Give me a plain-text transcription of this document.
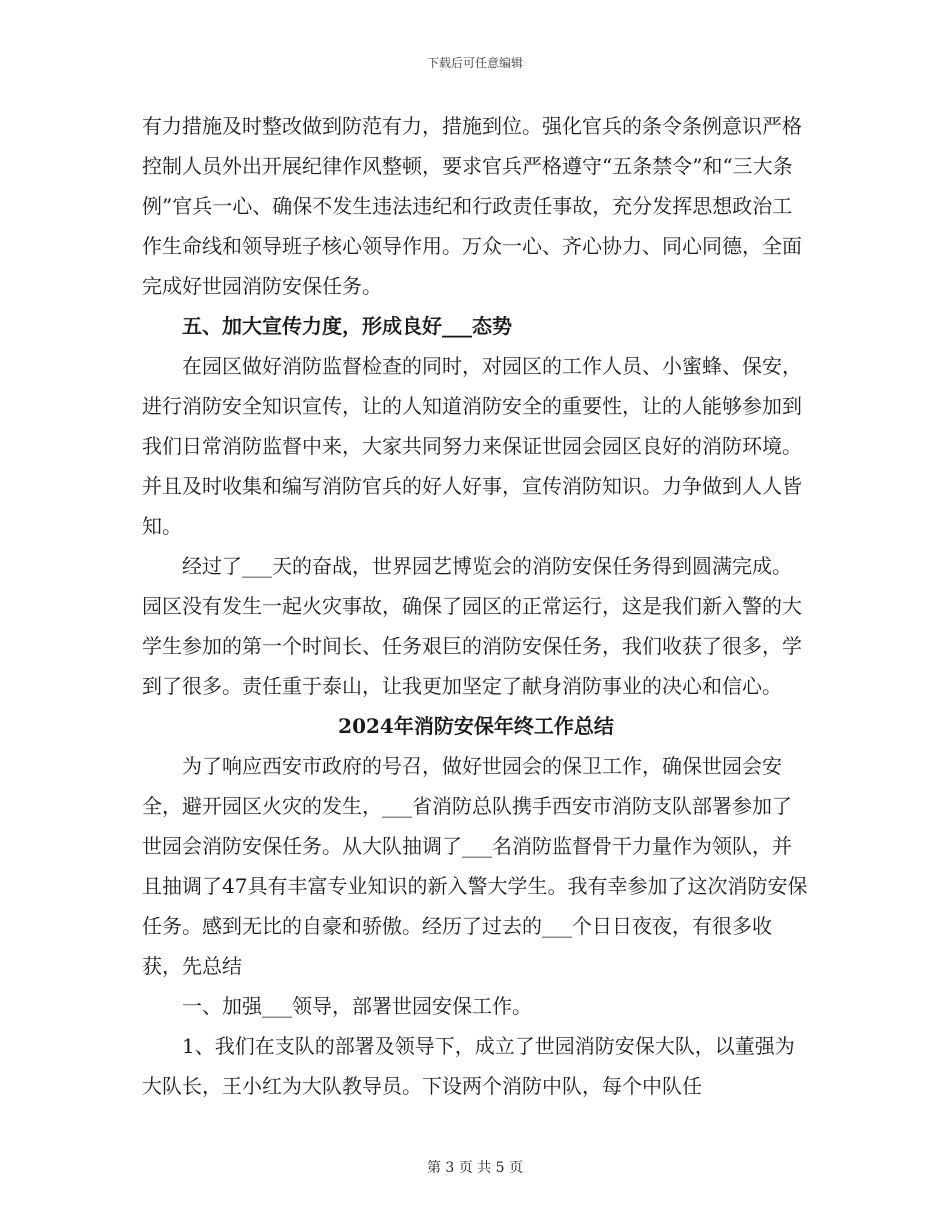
下载后可任意编辑

有力措施及时整改做到防范有力，措施到位。强化官兵的条令条例意识严格控制人员外出开展纪律作风整顿，要求官兵严格遵守“五条禁令”和“三大条例”官兵一心、确保不发生违法违纪和行政责任事故，充分发挥思想政治工作生命线和领导班子核心领导作用。万众一心、齐心协力、同心同德，全面完成好世园消防安保任务。

五、加大宣传力度，形成良好___态势

在园区做好消防监督检查的同时，对园区的工作人员、小蜜蜂、保安，进行消防安全知识宣传，让的人知道消防安全的重要性，让的人能够参加到我们日常消防监督中来，大家共同努力来保证世园会园区良好的消防环境。并且及时收集和编写消防官兵的好人好事，宣传消防知识。力争做到人人皆知。

经过了___天的奋战，世界园艺博览会的消防安保任务得到圆满完成。园区没有发生一起火灾事故，确保了园区的正常运行，这是我们新入警的大学生参加的第一个时间长、任务艰巨的消防安保任务，我们收获了很多，学到了很多。责任重于泰山，让我更加坚定了献身消防事业的决心和信心。

2024年消防安保年终工作总结

为了响应西安市政府的号召，做好世园会的保卫工作，确保世园会安全，避开园区火灾的发生，___省消防总队携手西安市消防支队部署参加了世园会消防安保任务。从大队抽调了___名消防监督骨干力量作为领队，并且抽调了47具有丰富专业知识的新入警大学生。我有幸参加了这次消防安保任务。感到无比的自豪和骄傲。经历了过去的___个日日夜夜，有很多收获，先总结

一、加强___领导，部署世园安保工作。

1、我们在支队的部署及领导下，成立了世园消防安保大队，以董强为大队长，王小红为大队教导员。下设两个消防中队，每个中队任

第 3 页 共 5 页
